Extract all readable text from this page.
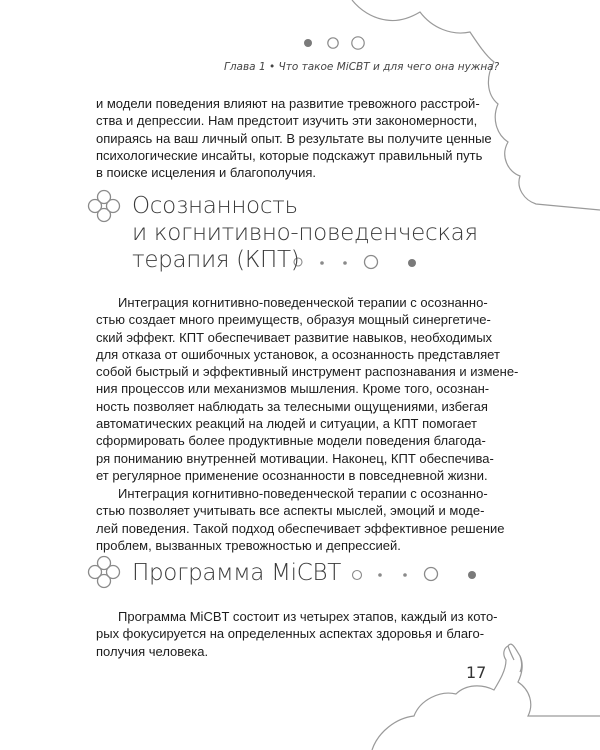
Глава 1 • Что такое MiCBT и для чего она нужна?
и модели поведения влияют на развитие тревожного расстрой-
ства и депрессии. Нам предстоит изучить эти закономерности,
опираясь на ваш личный опыт. В результате вы получите ценные
психологические инсайты, которые подскажут правильный путь
в поиске исцеления и благополучия.
Осознанность
и когнитивно-поведенческая
терапия (КПТ)
Интеграция когнитивно-поведенческой терапии с осознанно-
стью создает много преимуществ, образуя мощный синергетиче-
ский эффект. КПТ обеспечивает развитие навыков, необходимых
для отказа от ошибочных установок, а осознанность представляет
собой быстрый и эффективный инструмент распознавания и измене-
ния процессов или механизмов мышления. Кроме того, осознан-
ность позволяет наблюдать за телесными ощущениями, избегая
автоматических реакций на людей и ситуации, а КПТ помогает
сформировать более продуктивные модели поведения благода-
ря пониманию внутренней мотивации. Наконец, КПТ обеспечива-
ет регулярное применение осознанности в повседневной жизни.
Интеграция когнитивно-поведенческой терапии с осознанно-
стью позволяет учитывать все аспекты мыслей, эмоций и моде-
лей поведения. Такой подход обеспечивает эффективное решение
проблем, вызванных тревожностью и депрессией.
Программа MiCBT
Программа MiCBT состоит из четырех этапов, каждый из кото-
рых фокусируется на определенных аспектах здоровья и благо-
получия человека.
17
